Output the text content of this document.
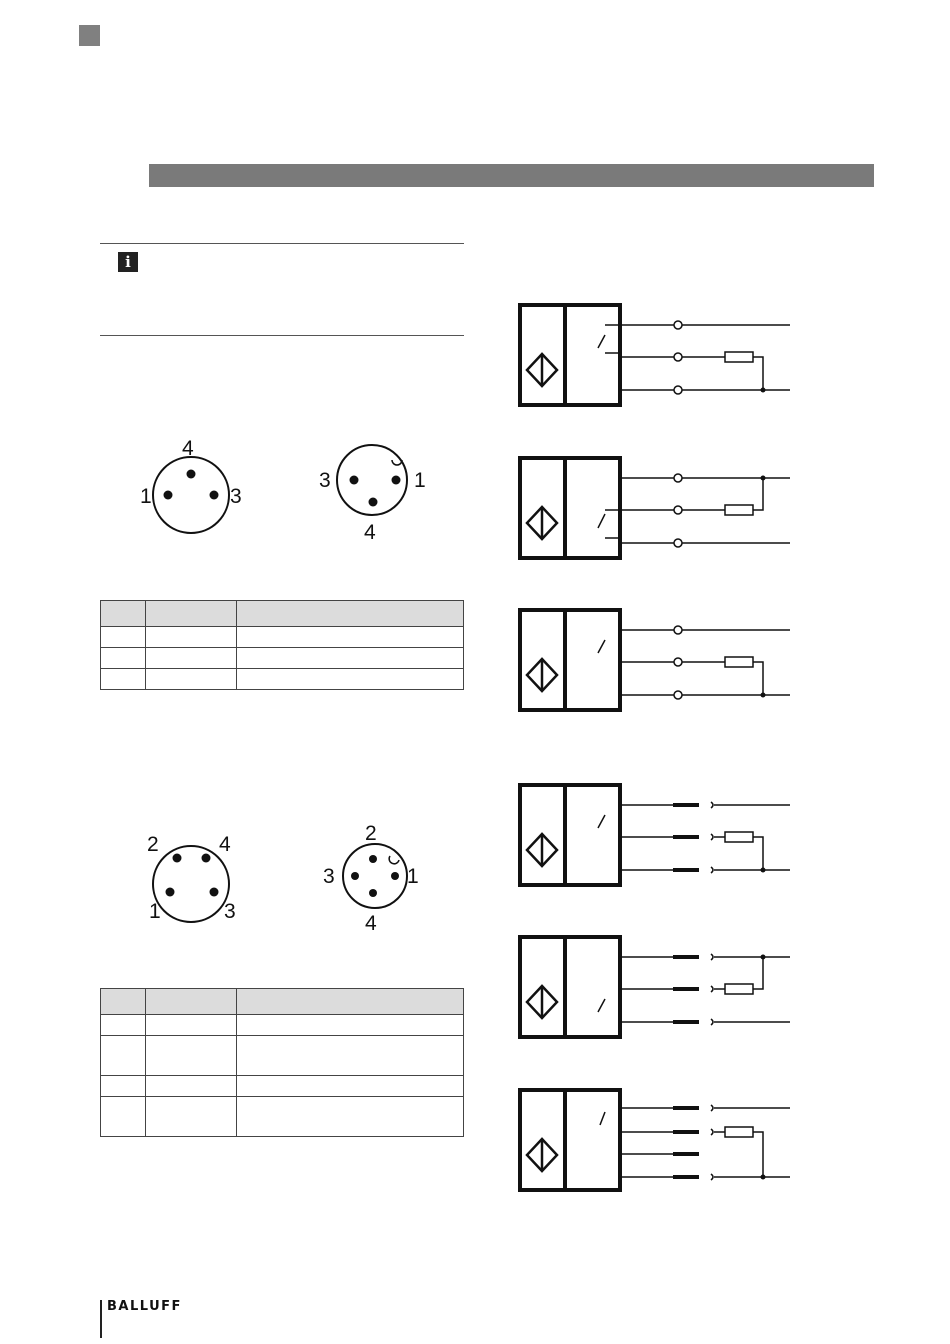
i
4
1	3
3	1
4

2	4
1	3
2
3	1
4

BALLUFF
